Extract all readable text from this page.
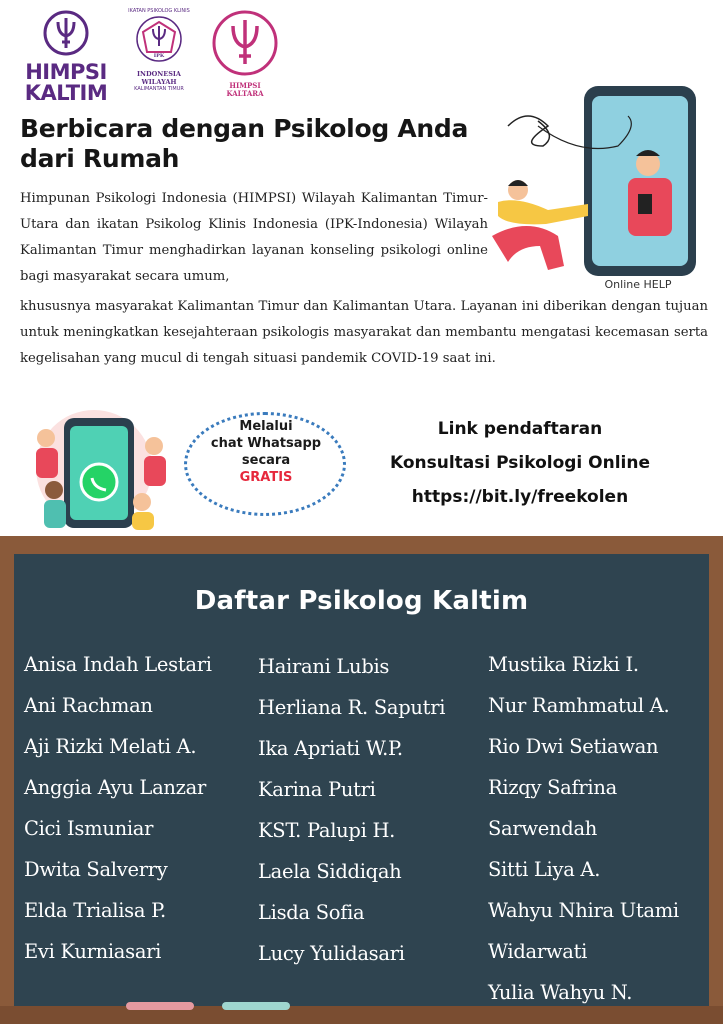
HIMPSI
KALTIM
IKATAN PSIKOLOG KLINIS
IPK
INDONESIA
WILAYAH
KALIMANTAN TIMUR	HIMPSI
KALTARA
Berbicara dengan Psikolog Anda
dari Rumah
Online HELP

Himpunan Psikologi Indonesia (HIMPSI) Wilayah Kalimantan Timur-Utara dan ikatan Psikolog Klinis Indonesia (IPK-Indonesia) Wilayah Kalimantan Timur menghadirkan layanan konseling psikologi online bagi masyarakat secara umum,

khususnya masyarakat Kalimantan Timur dan Kalimantan Utara. Layanan ini diberikan dengan tujuan untuk meningkatkan kesejahteraan psikologis masyarakat dan membantu mengatasi kecemasan serta kegelisahan yang mucul di tengah situasi pandemik COVID-19 saat ini.

Melalui
chat Whatsapp
secara
GRATIS
Link pendaftaran
Konsultasi Psikologi Online
https://bit.ly/freekolen
Daftar Psikolog Kaltim
Anisa Indah Lestari
Ani Rachman
Aji Rizki Melati A.
Anggia Ayu Lanzar
Cici Ismuniar
Dwita Salverry
Elda Trialisa P.
Evi Kurniasari
Hairani Lubis
Herliana R. Saputri
Ika Apriati W.P.
Karina Putri
KST. Palupi H.
Laela Siddiqah
Lisda Sofia
Lucy Yulidasari
Mustika Rizki I.
Nur Ramhmatul A.
Rio Dwi Setiawan
Rizqy Safrina
Sarwendah
Sitti Liya A.
Wahyu Nhira Utami
Widarwati
Yulia Wahyu N.
